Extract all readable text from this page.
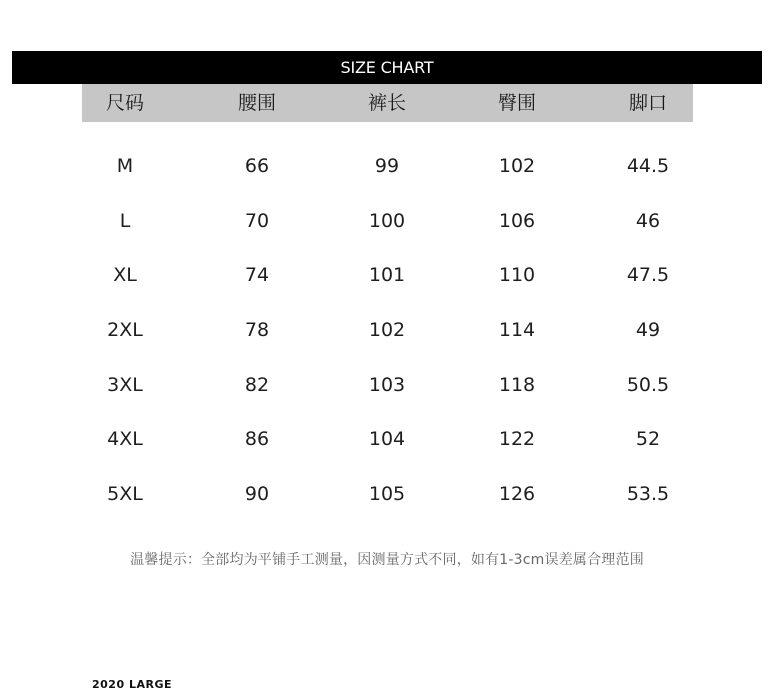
SIZE CHART
尺码	腰围	裤长	臀围	脚口
M	66	99	102	44.5
L	70	100	106	46
XL	74	101	110	47.5
2XL	78	102	114	49
3XL	82	103	118	50.5
4XL	86	104	122	52
5XL	90	105	126	53.5
温馨提示：全部均为平铺手工测量，因测量方式不同，如有1-3cm误差属合理范围
2020 LARGE
